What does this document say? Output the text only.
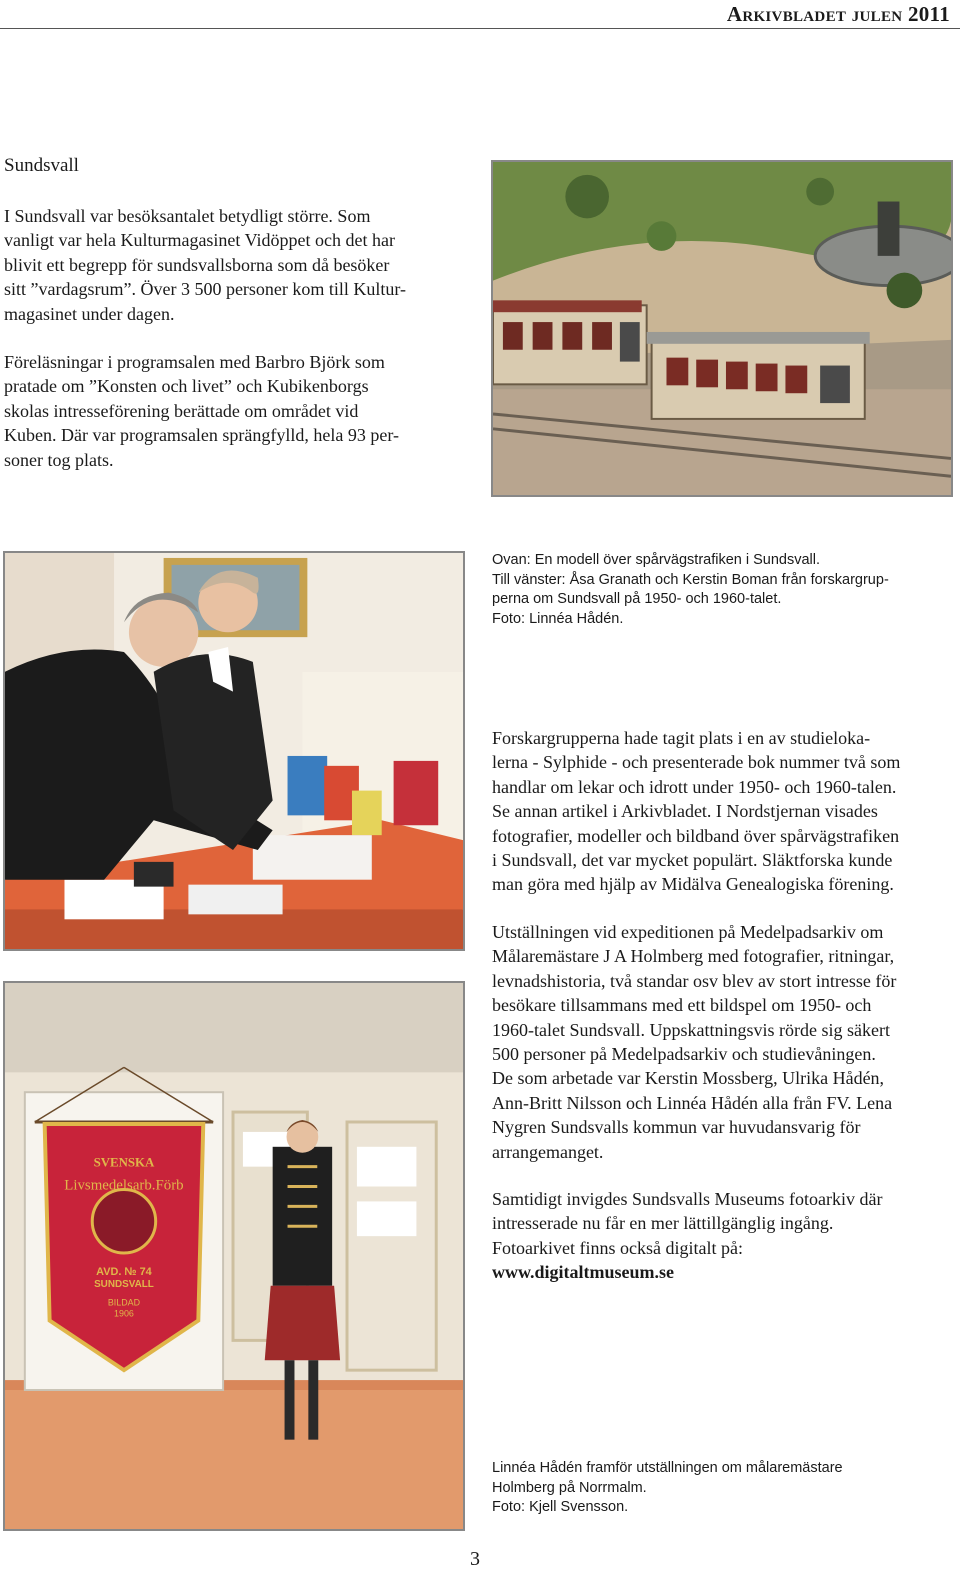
Arkivbladet julen 2011
Sundsvall

I Sundsvall var besöksantalet betydligt större. Som
vanligt var hela Kulturmagasinet Vidöppet och det har
blivit ett begrepp för sundsvallsborna som då besöker
sitt ”vardagsrum”. Över 3 500 personer kom till Kultur-
magasinet under dagen.

Föreläsningar i programsalen med Barbro Björk som
pratade om ”Konsten och livet” och Kubikenborgs
skolas intresseförening berättade om området vid
Kuben. Där var programsalen sprängfylld, hela 93 per-
soner tog plats.

Ovan: En modell över spårvägstrafiken i Sundsvall.
Till vänster: Åsa Granath och Kerstin Boman från forskargrup-
perna om Sundsvall på 1950- och 1960-talet.
Foto: Linnéa Hådén.

Forskargrupperna hade tagit plats i en av studieloka-
lerna - Sylphide - och presenterade bok nummer två som
handlar om lekar och idrott under 1950- och 1960-talen.
Se annan artikel i Arkivbladet. I Nordstjernan visades
fotografier, modeller och bildband över spårvägstrafiken
i Sundsvall, det var mycket populärt. Släktforska kunde
man göra med hjälp av Midälva Genealogiska förening.

Utställningen vid expeditionen på Medelpadsarkiv om
Målaremästare J A Holmberg med fotografier, ritningar,
levnadshistoria, två standar osv blev av stort intresse för
besökare tillsammans med ett bildspel om 1950- och
1960-talet Sundsvall. Uppskattningsvis rörde sig säkert
500 personer på Medelpadsarkiv och studievåningen.
De som arbetade var Kerstin Mossberg, Ulrika Hådén,
Ann-Britt Nilsson och Linnéa Hådén alla från FV. Lena
Nygren Sundsvalls kommun var huvudansvarig för
arrangemanget.

Samtidigt invigdes Sundsvalls Museums fotoarkiv där
intresserade nu får en mer lättillgänglig ingång.
Fotoarkivet finns också digitalt på:
www.digitaltmuseum.se

SVENSKA
Livsmedelsarb.Förb
AVD. № 74
SUNDSVALL
BILDAD
1906

Linnéa Hådén framför utställningen om målaremästare
Holmberg på Norrmalm.
Foto: Kjell Svensson.

3
